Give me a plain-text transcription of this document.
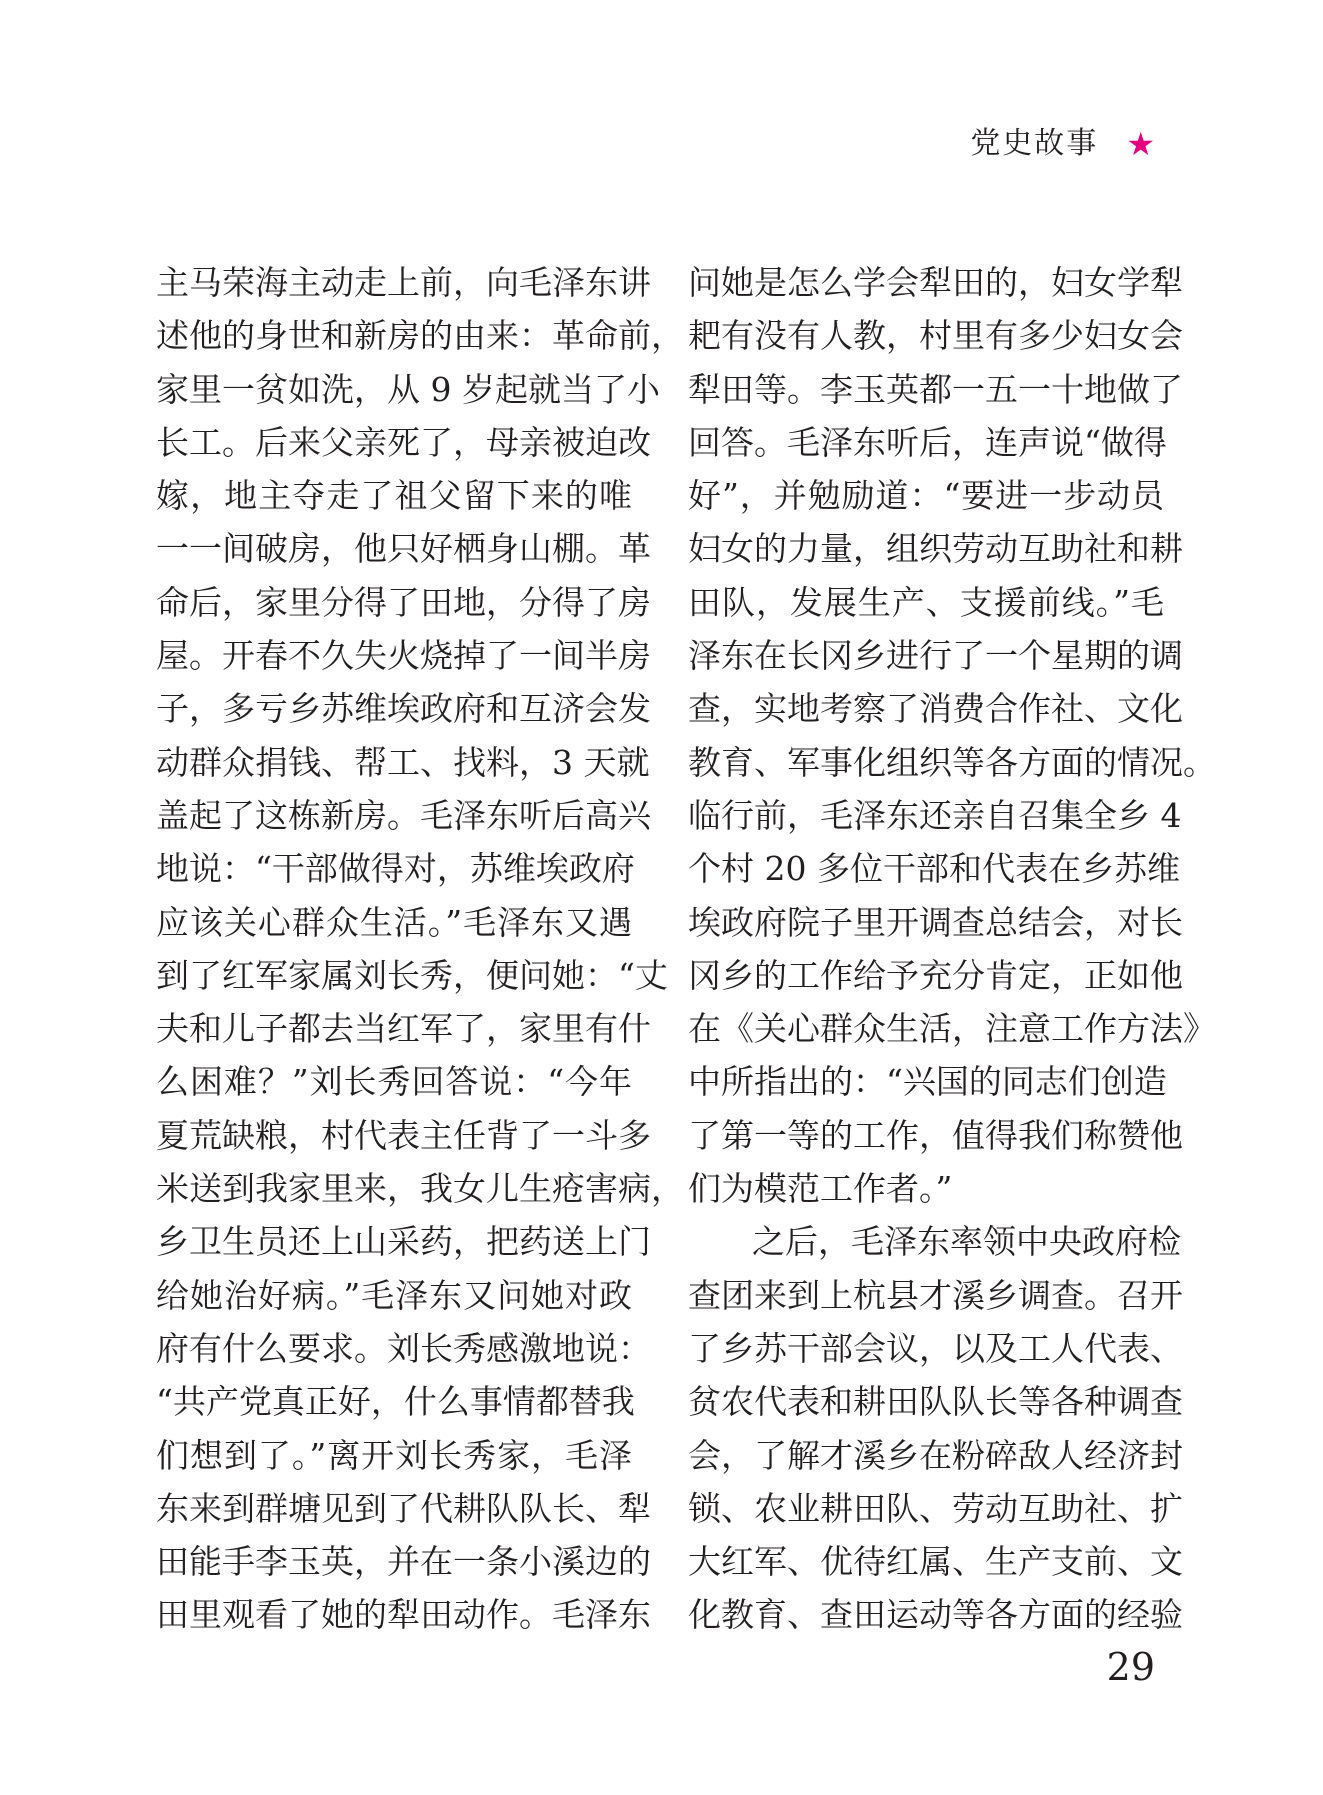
党史故事 ★
主马荣海主动走上前，向毛泽东讲
述他的身世和新房的由来：革命前，
家里一贫如洗，从 9 岁起就当了小
长工。后来父亲死了，母亲被迫改
嫁，地主夺走了祖父留下来的唯
一一间破房，他只好栖身山棚。革
命后，家里分得了田地，分得了房
屋。开春不久失火烧掉了一间半房
子，多亏乡苏维埃政府和互济会发
动群众捐钱、帮工、找料，3 天就
盖起了这栋新房。毛泽东听后高兴
地说：“干部做得对，苏维埃政府
应该关心群众生活。”毛泽东又遇
到了红军家属刘长秀，便问她：“丈
夫和儿子都去当红军了，家里有什
么困难？”刘长秀回答说：“今年
夏荒缺粮，村代表主任背了一斗多
米送到我家里来，我女儿生疮害病，
乡卫生员还上山采药，把药送上门
给她治好病。”毛泽东又问她对政
府有什么要求。刘长秀感激地说：
“共产党真正好，什么事情都替我
们想到了。”离开刘长秀家，毛泽
东来到群塘见到了代耕队队长、犁
田能手李玉英，并在一条小溪边的
田里观看了她的犁田动作。毛泽东
问她是怎么学会犁田的，妇女学犁
耙有没有人教，村里有多少妇女会
犁田等。李玉英都一五一十地做了
回答。毛泽东听后，连声说“做得
好”，并勉励道：“要进一步动员
妇女的力量，组织劳动互助社和耕
田队，发展生产、支援前线。”毛
泽东在长冈乡进行了一个星期的调
查，实地考察了消费合作社、文化
教育、军事化组织等各方面的情况。
临行前，毛泽东还亲自召集全乡 4
个村 20 多位干部和代表在乡苏维
埃政府院子里开调查总结会，对长
冈乡的工作给予充分肯定，正如他
在《关心群众生活，注意工作方法》
中所指出的：“兴国的同志们创造
了第一等的工作，值得我们称赞他
们为模范工作者。”
之后，毛泽东率领中央政府检
查团来到上杭县才溪乡调查。召开
了乡苏干部会议，以及工人代表、
贫农代表和耕田队队长等各种调查
会，了解才溪乡在粉碎敌人经济封
锁、农业耕田队、劳动互助社、扩
大红军、优待红属、生产支前、文
化教育、查田运动等各方面的经验
29
